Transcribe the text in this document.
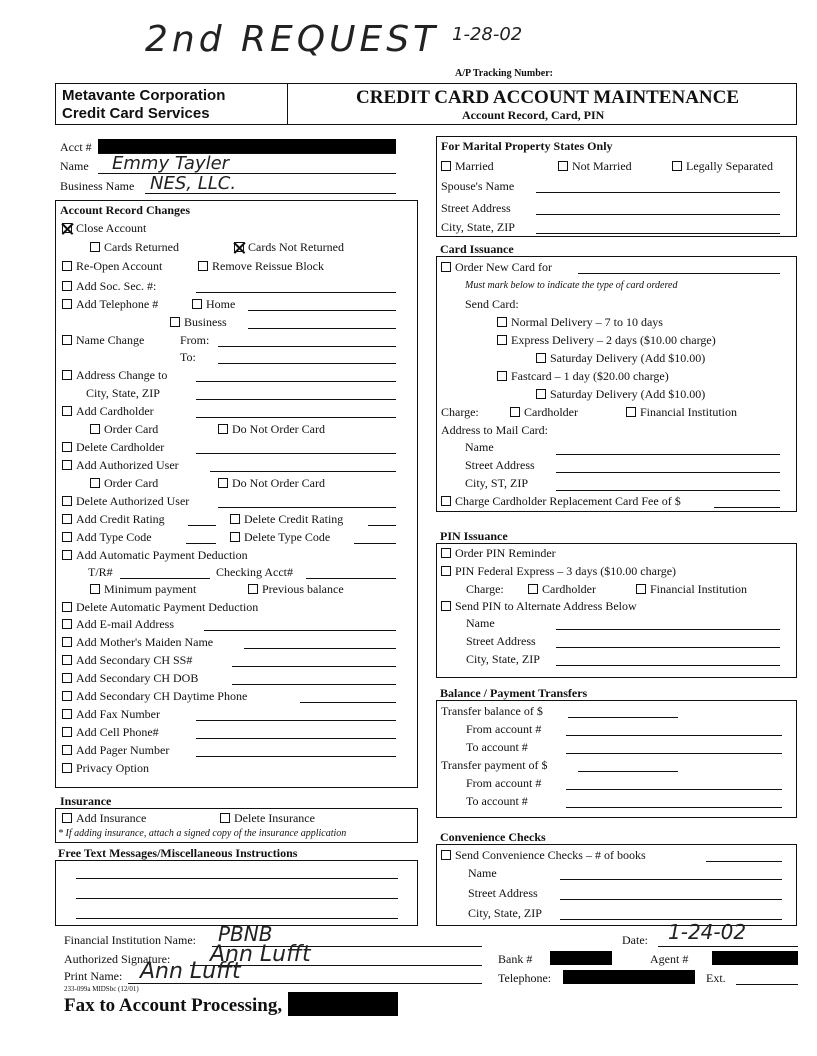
2nd REQUEST 1-28-02
A/P Tracking Number:
Metavante Corporation
Credit Card Services
CREDIT CARD ACCOUNT MAINTENANCE
Account Record, Card, PIN
Acct #
Name Emmy Tayler
Business Name NES, LLC.
Account Record Changes
Close Account
Cards Returned	Cards Not Returned
Re-Open Account	Remove Reissue Block
Add Soc. Sec. #:
Add Telephone #	Home
Business
Name Change	From:
To:
Address Change to
City, State, ZIP
Add Cardholder
Order Card	Do Not Order Card
Delete Cardholder
Add Authorized User
Order Card	Do Not Order Card
Delete Authorized User
Add Credit Rating	Delete Credit Rating
Add Type Code	Delete Type Code
Add Automatic Payment Deduction
T/R#	Checking Acct#
Minimum payment	Previous balance
Delete Automatic Payment Deduction
Add E-mail Address
Add Mother's Maiden Name
Add Secondary CH SS#
Add Secondary CH DOB
Add Secondary CH Daytime Phone
Add Fax Number
Add Cell Phone#
Add Pager Number
Privacy Option
Insurance
Add Insurance	Delete Insurance
* If adding insurance, attach a signed copy of the insurance application
Free Text Messages/Miscellaneous Instructions
For Marital Property States Only
Married	Not Married	Legally Separated
Spouse's Name
Street Address
City, State, ZIP
Card Issuance
Order New Card for
Must mark below to indicate the type of card ordered
Send Card:
Normal Delivery – 7 to 10 days
Express Delivery – 2 days ($10.00 charge)
Saturday Delivery (Add $10.00)
Fastcard – 1 day ($20.00 charge)
Saturday Delivery (Add $10.00)
Charge:	Cardholder	Financial Institution
Address to Mail Card:
Name
Street Address
City, ST, ZIP
Charge Cardholder Replacement Card Fee of $
PIN Issuance
Order PIN Reminder
PIN Federal Express – 3 days ($10.00 charge)
Charge:	Cardholder	Financial Institution
Send PIN to Alternate Address Below
Name
Street Address
City, State, ZIP
Balance / Payment Transfers
Transfer balance of $
From account #
To account #
Transfer payment of $
From account #
To account #
Convenience Checks
Send Convenience Checks – # of books
Name
Street Address
City, State, ZIP
Financial Institution Name: PBNB	Date: 1-24-02
Authorized Signature: Ann Lufft	Bank #	Agent #
Print Name: Ann Lufft	Telephone:	Ext.
233-099a MIDSbc (12/01)
Fax to Account Processing,
